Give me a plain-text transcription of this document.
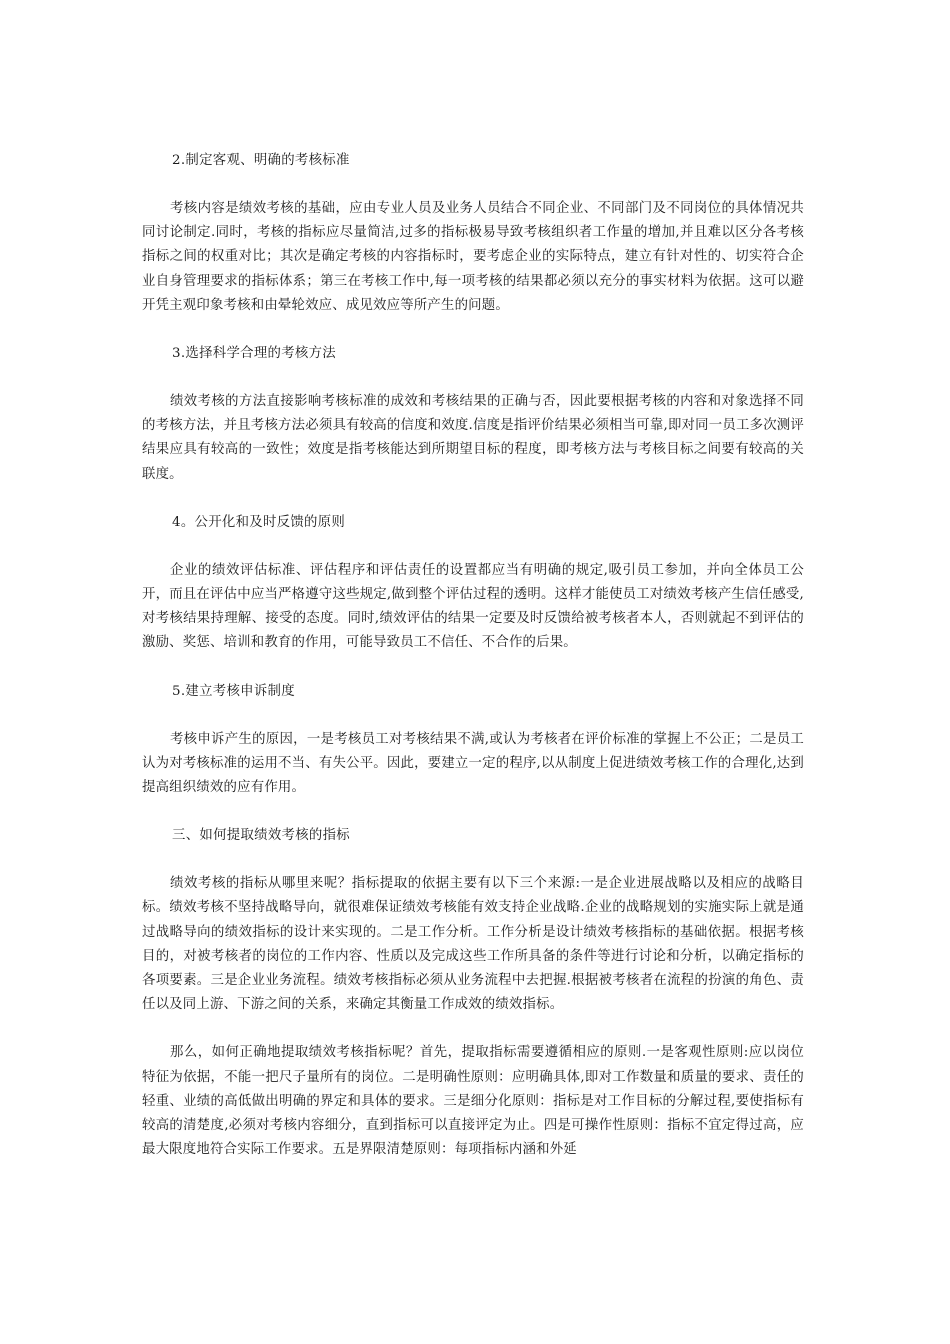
2.制定客观、明确的考核标准

考核内容是绩效考核的基础，应由专业人员及业务人员结合不同企业、不同部门及不同岗位的具体情况共同讨论制定.同时，考核的指标应尽量简洁,过多的指标极易导致考核组织者工作量的增加,并且难以区分各考核指标之间的权重对比；其次是确定考核的内容指标时，要考虑企业的实际特点，建立有针对性的、切实符合企业自身管理要求的指标体系；第三在考核工作中,每一项考核的结果都必须以充分的事实材料为依据。这可以避开凭主观印象考核和由晕轮效应、成见效应等所产生的问题。

3.选择科学合理的考核方法

绩效考核的方法直接影响考核标准的成效和考核结果的正确与否，因此要根据考核的内容和对象选择不同的考核方法，并且考核方法必须具有较高的信度和效度.信度是指评价结果必须相当可靠,即对同一员工多次测评结果应具有较高的一致性；效度是指考核能达到所期望目标的程度，即考核方法与考核目标之间要有较高的关联度。

4。公开化和及时反馈的原则

企业的绩效评估标准、评估程序和评估责任的设置都应当有明确的规定,吸引员工参加，并向全体员工公开，而且在评估中应当严格遵守这些规定,做到整个评估过程的透明。这样才能使员工对绩效考核产生信任感受,对考核结果持理解、接受的态度。同时,绩效评估的结果一定要及时反馈给被考核者本人，否则就起不到评估的激励、奖惩、培训和教育的作用，可能导致员工不信任、不合作的后果。

5.建立考核申诉制度

考核申诉产生的原因，一是考核员工对考核结果不满,或认为考核者在评价标准的掌握上不公正；二是员工认为对考核标准的运用不当、有失公平。因此，要建立一定的程序,以从制度上促进绩效考核工作的合理化,达到提高组织绩效的应有作用。

三、如何提取绩效考核的指标

绩效考核的指标从哪里来呢？指标提取的依据主要有以下三个来源:一是企业进展战略以及相应的战略目标。绩效考核不坚持战略导向，就很难保证绩效考核能有效支持企业战略.企业的战略规划的实施实际上就是通过战略导向的绩效指标的设计来实现的。二是工作分析。工作分析是设计绩效考核指标的基础依据。根据考核目的，对被考核者的岗位的工作内容、性质以及完成这些工作所具备的条件等进行讨论和分析，以确定指标的各项要素。三是企业业务流程。绩效考核指标必须从业务流程中去把握.根据被考核者在流程的扮演的角色、责任以及同上游、下游之间的关系，来确定其衡量工作成效的绩效指标。

那么，如何正确地提取绩效考核指标呢？首先，提取指标需要遵循相应的原则.一是客观性原则:应以岗位特征为依据，不能一把尺子量所有的岗位。二是明确性原则：应明确具体,即对工作数量和质量的要求、责任的轻重、业绩的高低做出明确的界定和具体的要求。三是细分化原则：指标是对工作目标的分解过程,要使指标有较高的清楚度,必须对考核内容细分，直到指标可以直接评定为止。四是可操作性原则：指标不宜定得过高，应最大限度地符合实际工作要求。五是界限清楚原则：每项指标内涵和外延
